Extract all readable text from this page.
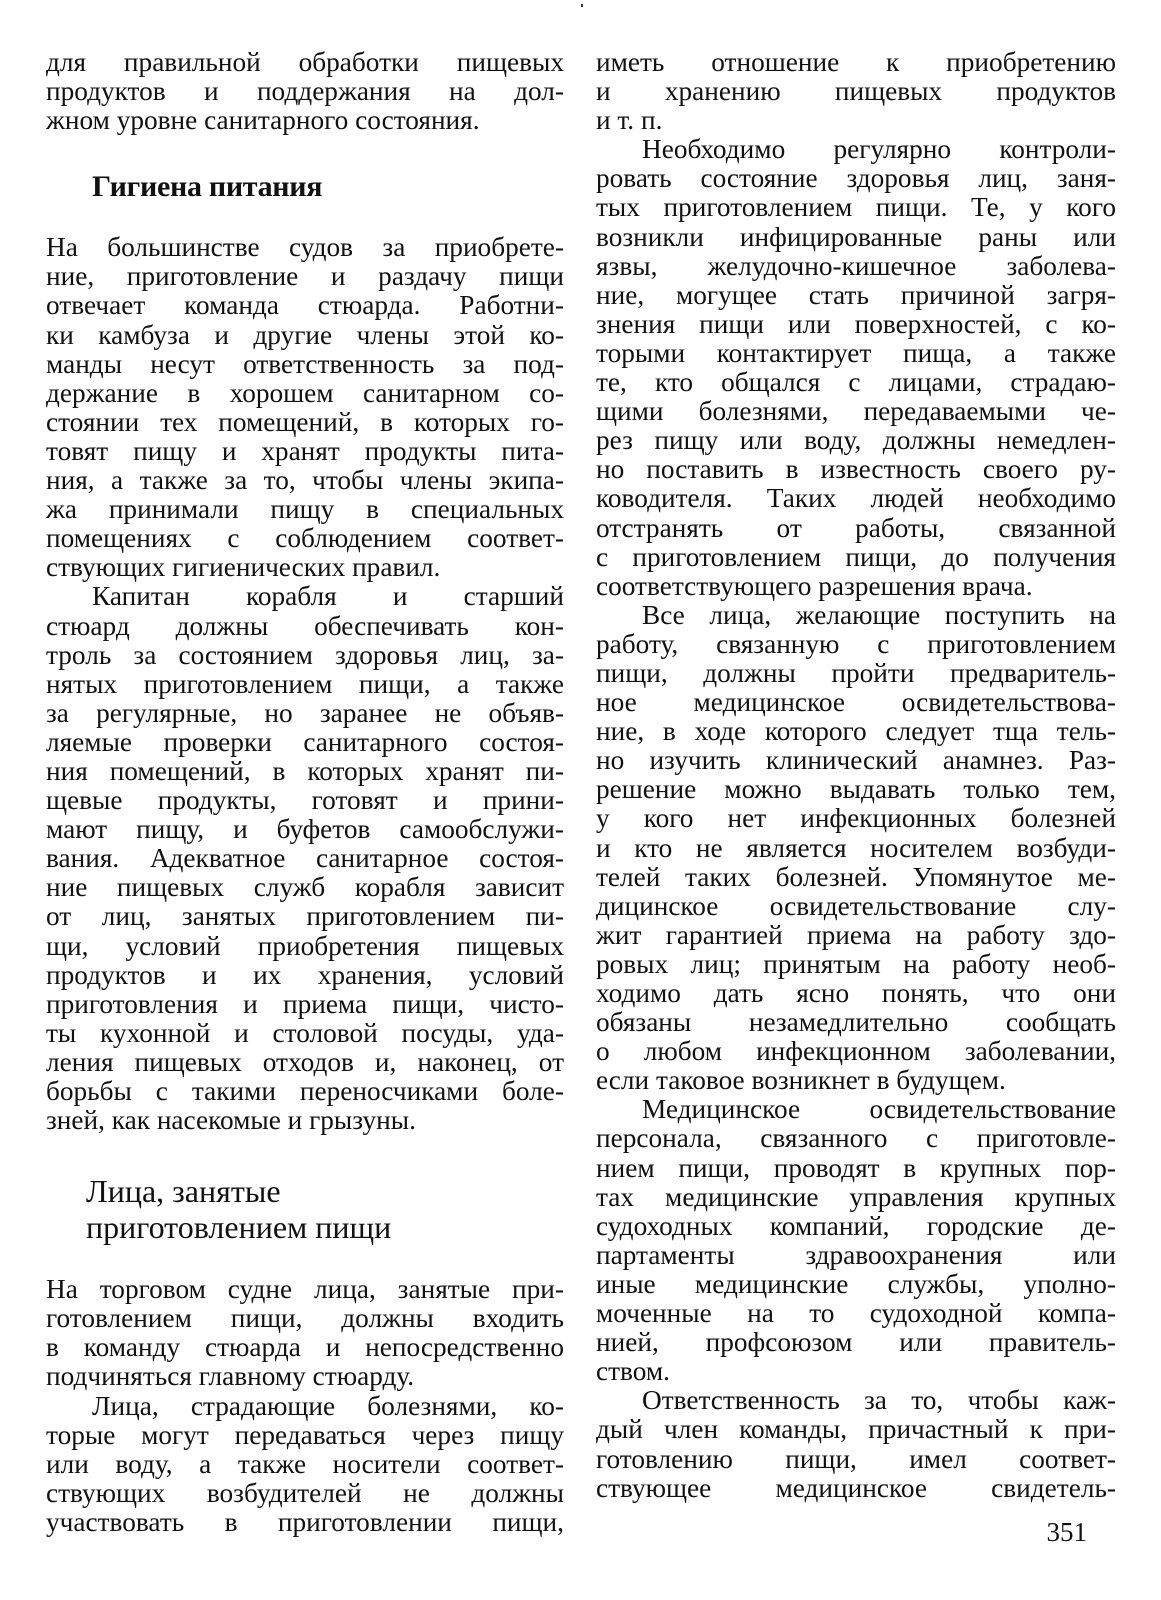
для правильной обработки пищевых
продуктов и поддержания на дол-
жном уровне санитарного состояния.
Гигиена питания
На большинстве судов за приобрете-
ние, приготовление и раздачу пищи
отвечает команда стюарда. Работни-
ки камбуза и другие члены этой ко-
манды несут ответственность за под-
держание в хорошем санитарном со-
стоянии тех помещений, в которых го-
товят пищу и хранят продукты пита-
ния, а также за то, чтобы члены экипа-
жа принимали пищу в специальных
помещениях с соблюдением соответ-
ствующих гигиенических правил.
Капитан корабля и старший
стюард должны обеспечивать кон-
троль за состоянием здоровья лиц, за-
нятых приготовлением пищи, а также
за регулярные, но заранее не объяв-
ляемые проверки санитарного состоя-
ния помещений, в которых хранят пи-
щевые продукты, готовят и прини-
мают пищу, и буфетов самообслужи-
вания. Адекватное санитарное состоя-
ние пищевых служб корабля зависит
от лиц, занятых приготовлением пи-
щи, условий приобретения пищевых
продуктов и их хранения, условий
приготовления и приема пищи, чисто-
ты кухонной и столовой посуды, уда-
ления пищевых отходов и, наконец, от
борьбы с такими переносчиками боле-
зней, как насекомые и грызуны.
Лица, занятые
приготовлением пищи
На торговом судне лица, занятые при-
готовлением пищи, должны входить
в команду стюарда и непосредственно
подчиняться главному стюарду.
Лица, страдающие болезнями, ко-
торые могут передаваться через пищу
или воду, а также носители соответ-
ствующих возбудителей не должны
участвовать в приготовлении пищи,
иметь отношение к приобретению
и хранению пищевых продуктов
и т. п.
Необходимо регулярно контроли-
ровать состояние здоровья лиц, заня-
тых приготовлением пищи. Те, у кого
возникли инфицированные раны или
язвы, желудочно-кишечное заболева-
ние, могущее стать причиной загря-
знения пищи или поверхностей, с ко-
торыми контактирует пища, а также
те, кто общался с лицами, страдаю-
щими болезнями, передаваемыми че-
рез пищу или воду, должны немедлен-
но поставить в известность своего ру-
ководителя. Таких людей необходимо
отстранять от работы, связанной
с приготовлением пищи, до получения
соответствующего разрешения врача.
Все лица, желающие поступить на
работу, связанную с приготовлением
пищи, должны пройти предваритель-
ное медицинское освидетельствова-
ние, в ходе которого следует тща тель-
но изучить клинический анамнез. Раз-
решение можно выдавать только тем,
у кого нет инфекционных болезней
и кто не является носителем возбуди-
телей таких болезней. Упомянутое ме-
дицинское освидетельствование слу-
жит гарантией приема на работу здо-
ровых лиц; принятым на работу необ-
ходимо дать ясно понять, что они
обязаны незамедлительно сообщать
о любом инфекционном заболевании,
если таковое возникнет в будущем.
Медицинское освидетельствование
персонала, связанного с приготовле-
нием пищи, проводят в крупных пор-
тах медицинские управления крупных
судоходных компаний, городские де-
партаменты здравоохранения или
иные медицинские службы, уполно-
моченные на то судоходной компа-
нией, профсоюзом или правитель-
ством.
Ответственность за то, чтобы каж-
дый член команды, причастный к при-
готовлению пищи, имел соответ-
ствующее медицинское свидетель-
351
